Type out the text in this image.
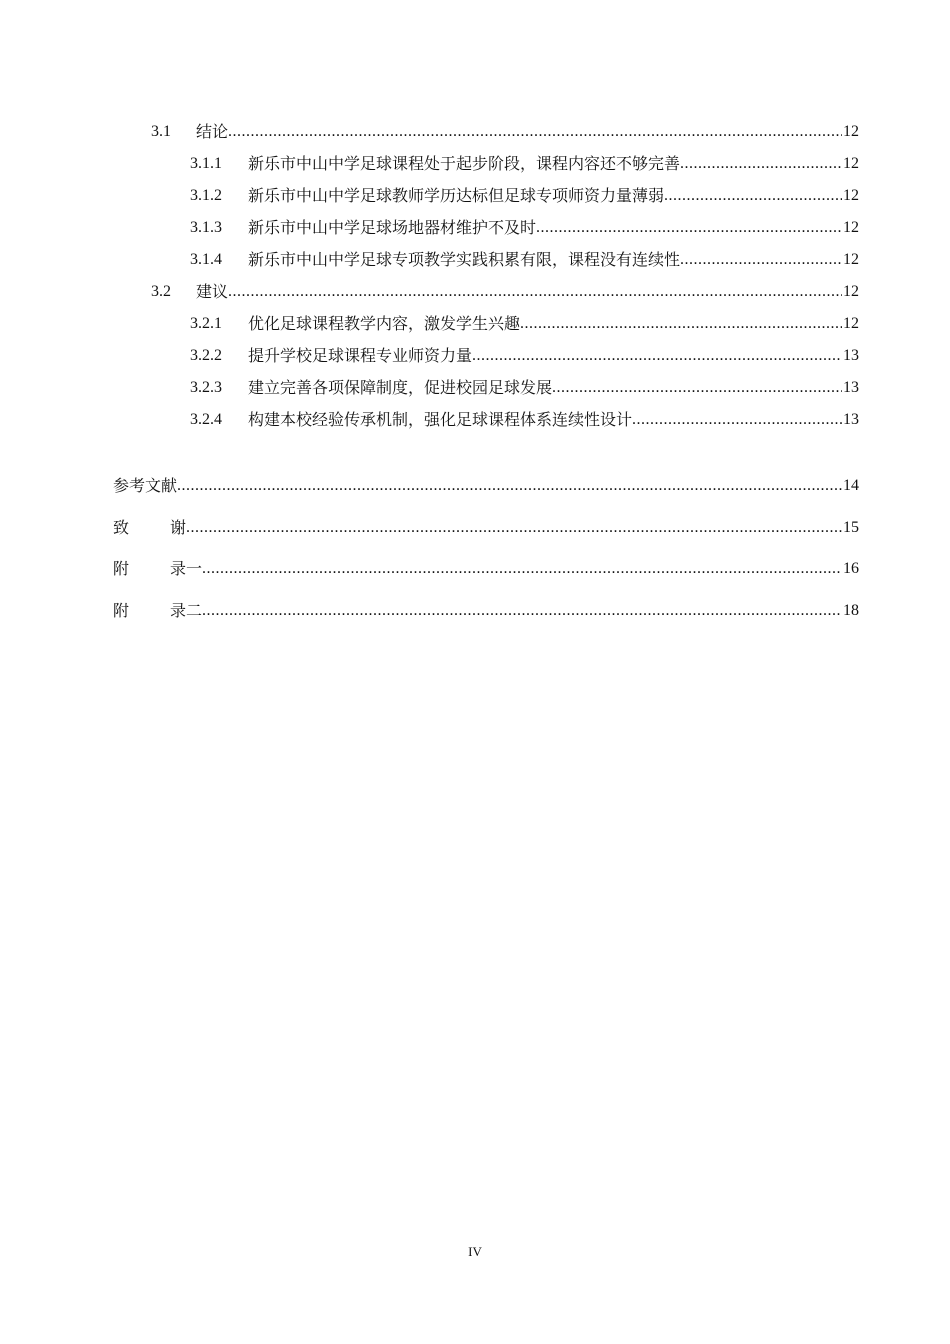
3.1	结论 .....	12
3.1.1	新乐市中山中学足球课程处于起步阶段，课程内容还不够完善 .....	12
3.1.2	新乐市中山中学足球教师学历达标但足球专项师资力量薄弱 .....	12
3.1.3	新乐市中山中学足球场地器材维护不及时 .....	12
3.1.4	新乐市中山中学足球专项教学实践积累有限，课程没有连续性 .....	12
3.2	建议 .....	12
3.2.1	优化足球课程教学内容，激发学生兴趣 .....	12
3.2.2	提升学校足球课程专业师资力量 .....	13
3.2.3	建立完善各项保障制度，促进校园足球发展 .....	13
3.2.4	构建本校经验传承机制，强化足球课程体系连续性设计 .....	13
参考文献 .....	14
致	谢 .....	15
附	录一 .....	16
附	录二 .....	18
IV
